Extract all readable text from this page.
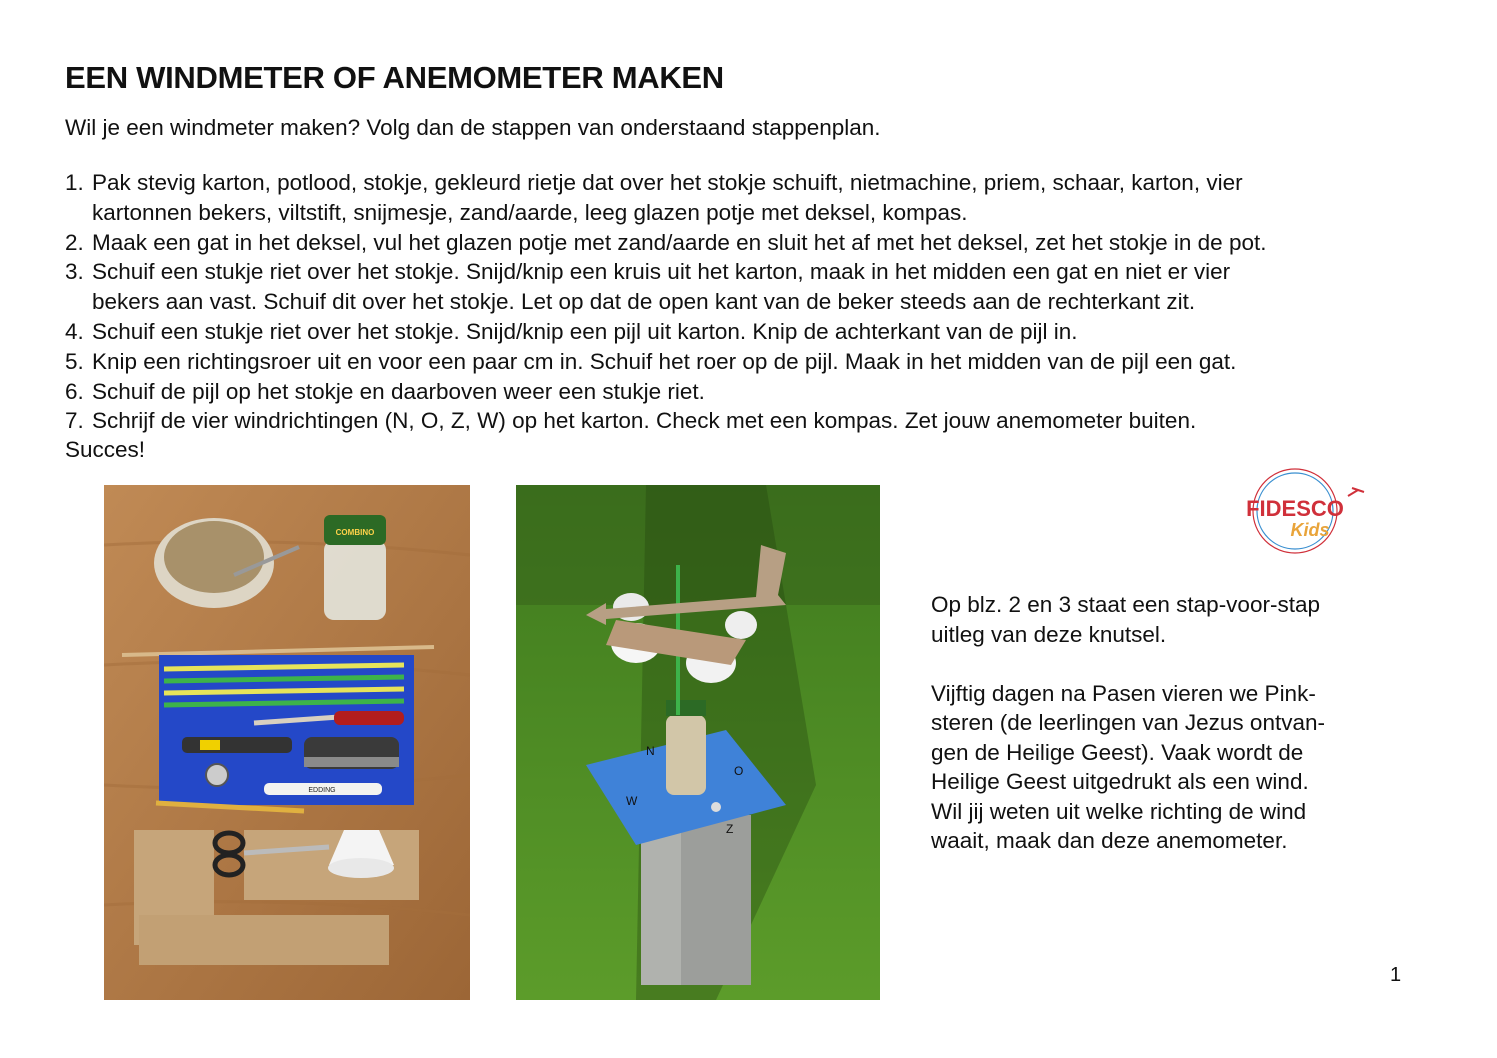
EEN WINDMETER OF ANEMOMETER MAKEN

Wil je een windmeter maken? Volg dan de stappen van onderstaand stappenplan.

1. Pak stevig karton, potlood, stokje, gekleurd rietje dat over het stokje schuift, nietmachine, priem, schaar, karton, vier
kartonnen bekers, viltstift, snijmesje, zand/aarde, leeg glazen potje met deksel, kompas.
2. Maak een gat in het deksel, vul het glazen potje met zand/aarde en sluit het af met het deksel, zet het stokje in de pot.
3. Schuif een stukje riet over het stokje. Snijd/knip een kruis uit het karton, maak in het midden een gat en niet er vier
bekers aan vast. Schuif dit over het stokje. Let op dat de open kant van de beker steeds aan de rechterkant zit.
4. Schuif een stukje riet over het stokje. Snijd/knip een pijl uit karton. Knip de achterkant van de pijl in.
5. Knip een richtingsroer uit en voor een paar cm in. Schuif het roer op de pijl. Maak in het midden van de pijl een gat.
6. Schuif de pijl op het stokje en daarboven weer een stukje riet.
7. Schrijf de vier windrichtingen (N, O, Z, W) op het karton. Check met een kompas. Zet jouw anemometer buiten.

Succes!

COMBINO
EDDING
N
O
W
Z
FIDESCO
Kids

Op blz. 2 en 3 staat een stap-voor-stap
uitleg van deze knutsel.

Vijftig dagen na Pasen vieren we Pink-
steren (de leerlingen van Jezus ontvan-
gen de Heilige Geest). Vaak wordt de
Heilige Geest uitgedrukt als een wind.
Wil jij weten uit welke richting de wind
waait, maak dan deze anemometer.

1
